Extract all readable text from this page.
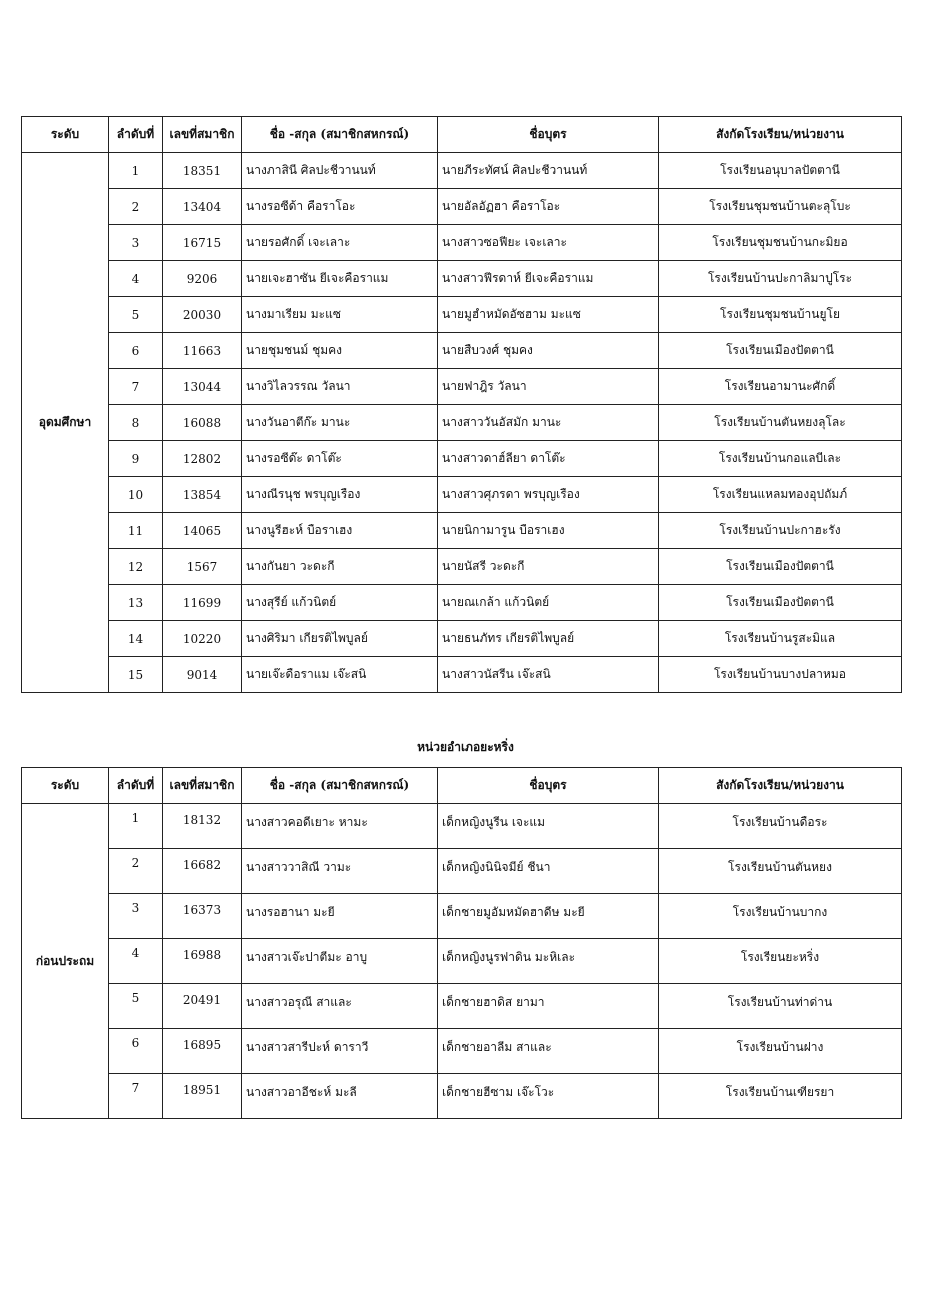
ระดับ	ลำดับที่	เลขที่สมาชิก	ชื่อ -สกุล (สมาชิกสหกรณ์)	ชื่อบุตร	สังกัดโรงเรียน/หน่วยงาน
อุดมศึกษา	1	18351	นางภาสินี ศิลปะชีวานนท์	นายภีระทัศน์ ศิลปะชีวานนท์	โรงเรียนอนุบาลปัตตานี
	2	13404	นางรอซีด้า คือราโอะ	นายอัลอัฏฮา คือราโอะ	โรงเรียนชุมชนบ้านตะลุโบะ
	3	16715	นายรอศักดิ์ เจะเลาะ	นางสาวซอฟียะ เจะเลาะ	โรงเรียนชุมชนบ้านกะมิยอ
	4	9206	นายเจะฮาซัน ยีเจะคือราแม	นางสาวฟีรดาห์ ยีเจะคือราแม	โรงเรียนบ้านปะกาลิมาปูโระ
	5	20030	นางมาเรียม มะแซ	นายมูฮำหมัดอัซฮาม มะแซ	โรงเรียนชุมชนบ้านยูโย
	6	11663	นายชุมชนม์ ชุมคง	นายสืบวงศ์ ชุมคง	โรงเรียนเมืองปัตตานี
	7	13044	นางวิไลวรรณ วัลนา	นายฟาฎิร วัลนา	โรงเรียนอามานะศักดิ์
	8	16088	นางวันอาตีก๊ะ มานะ	นางสาววันอัสมัก มานะ	โรงเรียนบ้านตันหยงลุโละ
	9	12802	นางรอซีด๊ะ ดาโต๊ะ	นางสาวดาฮ์ลียา ดาโต๊ะ	โรงเรียนบ้านกอแลบีเละ
	10	13854	นางณีรนุช พรบุญเรือง	นางสาวศุภรดา พรบุญเรือง	โรงเรียนแหลมทองอุปถัมภ์
	11	14065	นางนูรีฮะห์ บือราเฮง	นายนิกามารูน บือราเฮง	โรงเรียนบ้านปะกาฮะรัง
	12	1567	นางกันยา วะดะกี	นายนัสรี วะดะกี	โรงเรียนเมืองปัตตานี
	13	11699	นางสุรีย์ แก้วนิตย์	นายณเกล้า แก้วนิตย์	โรงเรียนเมืองปัตตานี
	14	10220	นางศิริมา เกียรติไพบูลย์	นายธนภัทร เกียรติไพบูลย์	โรงเรียนบ้านรูสะมิแล
	15	9014	นายเจ๊ะดือราแม เจ๊ะสนิ	นางสาวนัสรีน เจ๊ะสนิ	โรงเรียนบ้านบางปลาหมอ
หน่วยอำเภอยะหริ่ง
ระดับ	ลำดับที่	เลขที่สมาชิก	ชื่อ -สกุล (สมาชิกสหกรณ์)	ชื่อบุตร	สังกัดโรงเรียน/หน่วยงาน
ก่อนประถม	1	18132	นางสาวคอดีเยาะ หามะ	เด็กหญิงนูรีน เจะแม	โรงเรียนบ้านดือระ
	2	16682	นางสาววาสิณี วามะ	เด็กหญิงนินิจมีย์ ชีนา	โรงเรียนบ้านตันหยง
	3	16373	นางรอฮานา มะยี	เด็กชายมูอัมหมัดฮาดีษ มะยี	โรงเรียนบ้านบากง
	4	16988	นางสาวเจ๊ะปาตีมะ อาบู	เด็กหญิงนูรฟาดิน มะหิเละ	โรงเรียนยะหริ่ง
	5	20491	นางสาวอรุณี สาและ	เด็กชายฮาดิส ยามา	โรงเรียนบ้านท่าด่าน
	6	16895	นางสาวสารีปะห์ ดาราวี	เด็กชายอาลีม สาและ	โรงเรียนบ้านฝาง
	7	18951	นางสาวอาอีชะห์ มะลี	เด็กชายฮีซาม เจ๊ะโวะ	โรงเรียนบ้านเฑียรยา
